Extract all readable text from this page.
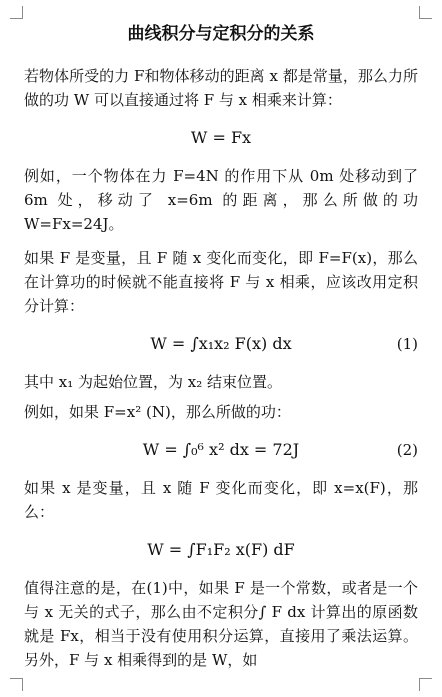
曲线积分与定积分的关系

若物体所受的力 F和物体移动的距离 x 都是常量，那么力所做的功 W 可以直接通过将 F 与 x 相乘来计算：

W = Fx

例如，一个物体在力 F=4N 的作用下从 0m 处移动到了 6m 处，移动了 x=6m 的距离，那么所做的功 W=Fx=24J。

如果 F 是变量，且 F 随 x 变化而变化，即 F=F(x)，那么在计算功的时候就不能直接将 F 与 x 相乘，应该改用定积分计算：

W = ∫x₁x₂ F(x) dx	(1)

其中 x₁ 为起始位置，为 x₂ 结束位置。

例如，如果 F=x² (N)，那么所做的功：

W = ∫₀⁶ x² dx = 72J	(2)

如果 x 是变量，且 x 随 F 变化而变化，即 x=x(F)，那么：

W = ∫F₁F₂ x(F) dF

值得注意的是，在(1)中，如果 F 是一个常数，或者是一个与 x 无关的式子，那么由不定积分∫ F dx 计算出的原函数就是 Fx，相当于没有使用积分运算，直接用了乘法运算。另外，F 与 x 相乘得到的是 W，如
